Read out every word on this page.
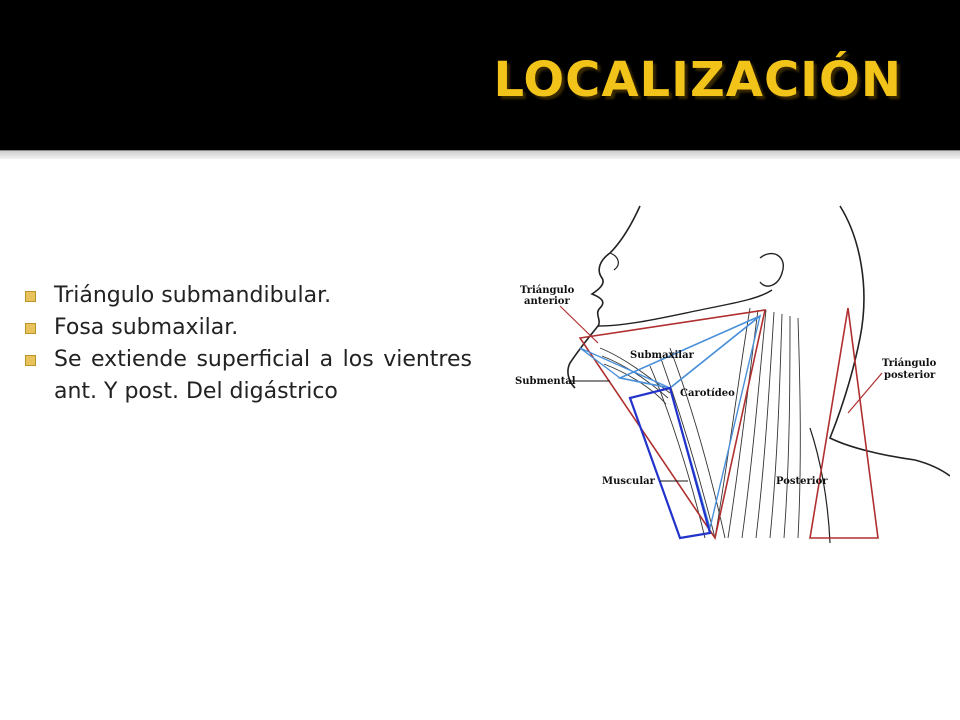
LOCALIZACIÓN
Triángulo submandibular.
Fosa submaxilar.
Se extiende superficial a los vientres ant. Y post. Del digástrico
Triángulo
anterior
Submaxilar
Submental
Carotídeo
Triángulo
posterior
Muscular	Posterior
